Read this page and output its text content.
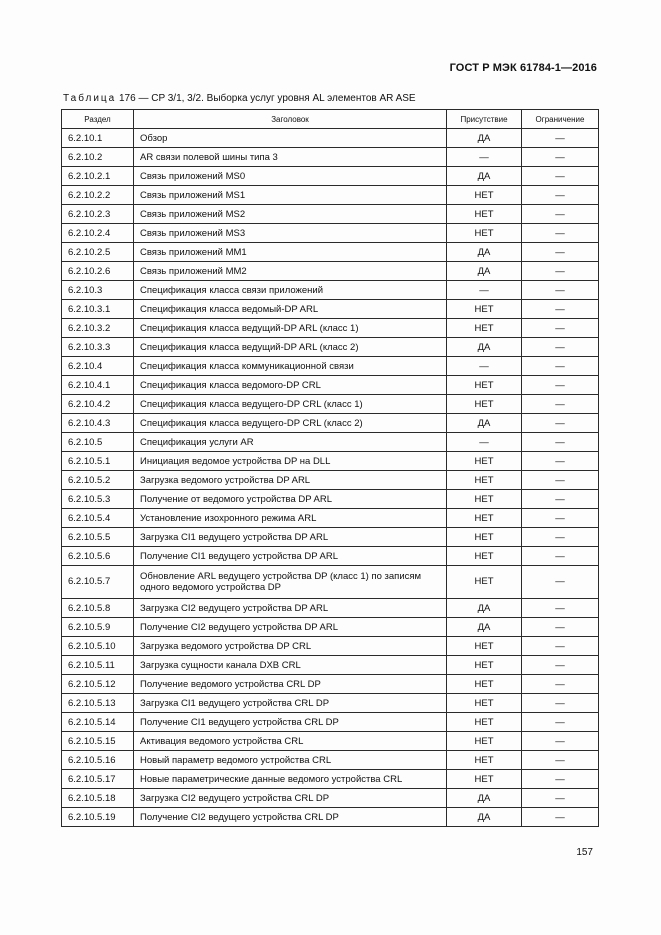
ГОСТ Р МЭК 61784-1—2016
Таблица 176 — CP 3/1, 3/2. Выборка услуг уровня AL элементов AR ASE
Раздел	Заголовок	Присутствие	Ограничение
6.2.10.1	Обзор	ДА	—
6.2.10.2	AR связи полевой шины типа 3	—	—
6.2.10.2.1	Связь приложений MS0	ДА	—
6.2.10.2.2	Связь приложений MS1	НЕТ	—
6.2.10.2.3	Связь приложений MS2	НЕТ	—
6.2.10.2.4	Связь приложений MS3	НЕТ	—
6.2.10.2.5	Связь приложений MM1	ДА	—
6.2.10.2.6	Связь приложений MM2	ДА	—
6.2.10.3	Спецификация класса связи приложений	—	—
6.2.10.3.1	Спецификация класса ведомый-DP ARL	НЕТ	—
6.2.10.3.2	Спецификация класса ведущий-DP ARL (класс 1)	НЕТ	—
6.2.10.3.3	Спецификация класса ведущий-DP ARL (класс 2)	ДА	—
6.2.10.4	Спецификация класса коммуникационной связи	—	—
6.2.10.4.1	Спецификация класса ведомого-DP CRL	НЕТ	—
6.2.10.4.2	Спецификация класса ведущего-DP CRL (класс 1)	НЕТ	—
6.2.10.4.3	Спецификация класса ведущего-DP CRL (класс 2)	ДА	—
6.2.10.5	Спецификация услуги AR	—	—
6.2.10.5.1	Инициация ведомое устройства DP на DLL	НЕТ	—
6.2.10.5.2	Загрузка ведомого устройства DP ARL	НЕТ	—
6.2.10.5.3	Получение от ведомого устройства DP ARL	НЕТ	—
6.2.10.5.4	Установление изохронного режима ARL	НЕТ	—
6.2.10.5.5	Загрузка CI1 ведущего устройства DP ARL	НЕТ	—
6.2.10.5.6	Получение CI1 ведущего устройства DP ARL	НЕТ	—
6.2.10.5.7	Обновление ARL ведущего устройства DP (класс 1) по записям одного ведомого устройства DP	НЕТ	—
6.2.10.5.8	Загрузка CI2 ведущего устройства DP ARL	ДА	—
6.2.10.5.9	Получение CI2 ведущего устройства DP ARL	ДА	—
6.2.10.5.10	Загрузка ведомого устройства DP CRL	НЕТ	—
6.2.10.5.11	Загрузка сущности канала DXB CRL	НЕТ	—
6.2.10.5.12	Получение ведомого устройства CRL DP	НЕТ	—
6.2.10.5.13	Загрузка CI1 ведущего устройства CRL DP	НЕТ	—
6.2.10.5.14	Получение CI1 ведущего устройства CRL DP	НЕТ	—
6.2.10.5.15	Активация ведомого устройства CRL	НЕТ	—
6.2.10.5.16	Новый параметр ведомого устройства CRL	НЕТ	—
6.2.10.5.17	Новые параметрические данные ведомого устройства CRL	НЕТ	—
6.2.10.5.18	Загрузка CI2 ведущего устройства CRL DP	ДА	—
6.2.10.5.19	Получение CI2 ведущего устройства CRL DP	ДА	—
157
